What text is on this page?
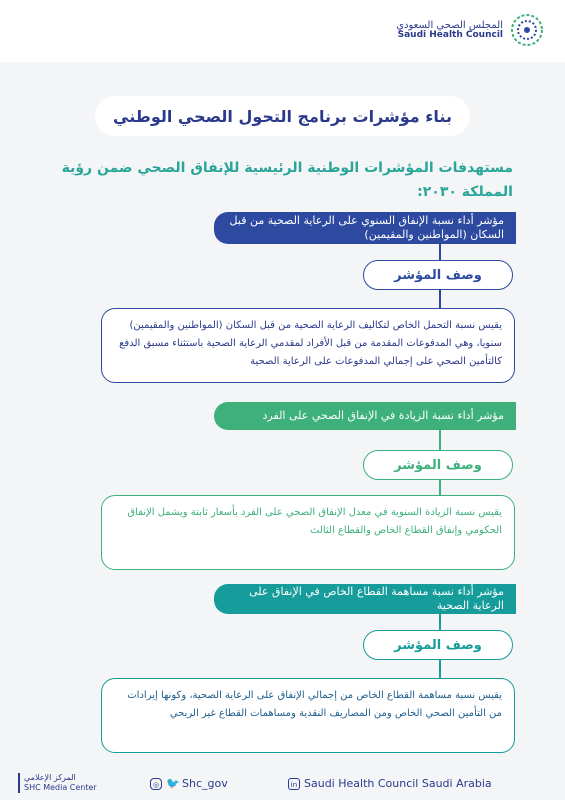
المجلس الصحي السعودي
Saudi Health Council
بناء مؤشرات برنامج التحول الصحي الوطني
مستهدفات المؤشرات الوطنية الرئيسية للإنفاق الصحي ضمن رؤية المملكة ٢٠٣٠:
مؤشر أداء نسبة الإنفاق السنوي على الرعاية الصحية من قبل السكان (المواطنين والمقيمين)
وصف المؤشر
يقيس نسبة التحمل الخاص لتكاليف الرعاية الصحية من قبل السكان (المواطنين والمقيمين) سنويا، وهي المدفوعات المقدمة من قبل الأفراد لمقدمي الرعاية الصحية باستثناء مسبق الدفع كالتأمين الصحي على إجمالي المدفوعات على الرعاية الصحية
مؤشر أداء نسبة الزيادة في الإنفاق الصحي على الفرد
وصف المؤشر
يقيس نسبة الزيادة السنوية في معدل الإنفاق الصحي على الفرد بأسعار ثابتة ويشمل الإنفاق الحكومي وإنفاق القطاع الخاص والقطاع الثالث
مؤشر أداء نسبة مساهمة القطاع الخاص في الإنفاق على الرعاية الصحية
وصف المؤشر
يقيس نسبة مساهمة القطاع الخاص من إجمالي الإنفاق على الرعاية الصحية، وكونها إيرادات من التأمين الصحي الخاص ومن المصاريف النقدية ومساهمات القطاع غير الربحي
المركز الإعلامي
SHC Media Center	◎ 🐦 Shc_gov	in Saudi Health Council Saudi Arabia
